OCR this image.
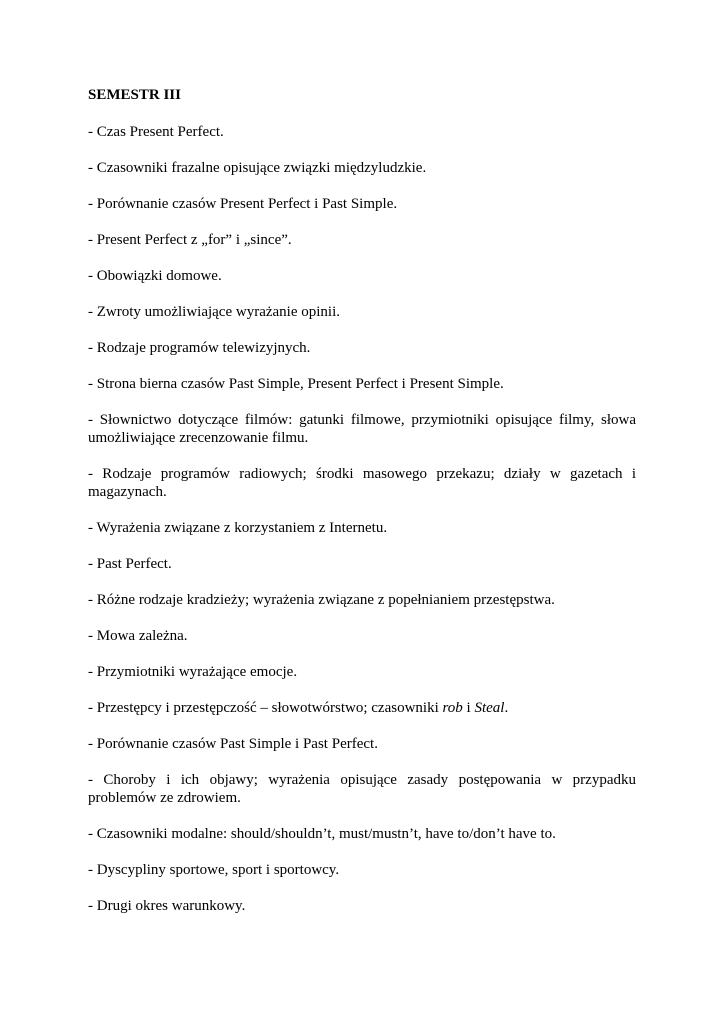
SEMESTR III
- Czas Present Perfect.
- Czasowniki frazalne opisujące związki międzyludzkie.
- Porównanie czasów Present Perfect i Past Simple.
- Present Perfect z „for” i „since”.
- Obowiązki domowe.
- Zwroty umożliwiające wyrażanie opinii.
- Rodzaje programów telewizyjnych.
- Strona bierna czasów Past Simple, Present Perfect i Present Simple.
- Słownictwo dotyczące filmów: gatunki filmowe, przymiotniki opisujące filmy, słowa umożliwiające zrecenzowanie filmu.
- Rodzaje programów radiowych; środki masowego przekazu; działy w gazetach i magazynach.
- Wyrażenia związane z korzystaniem z Internetu.
- Past Perfect.
- Różne rodzaje kradzieży; wyrażenia związane z popełnianiem przestępstwa.
- Mowa zależna.
- Przymiotniki wyrażające emocje.
- Przestępcy i przestępczość – słowotwórstwo; czasowniki rob i Steal.
- Porównanie czasów Past Simple i Past Perfect.
- Choroby i ich objawy; wyrażenia opisujące zasady postępowania w przypadku problemów ze zdrowiem.
- Czasowniki modalne: should/shouldn’t, must/mustn’t, have to/don’t have to.
- Dyscypliny sportowe, sport i sportowcy.
- Drugi okres warunkowy.
